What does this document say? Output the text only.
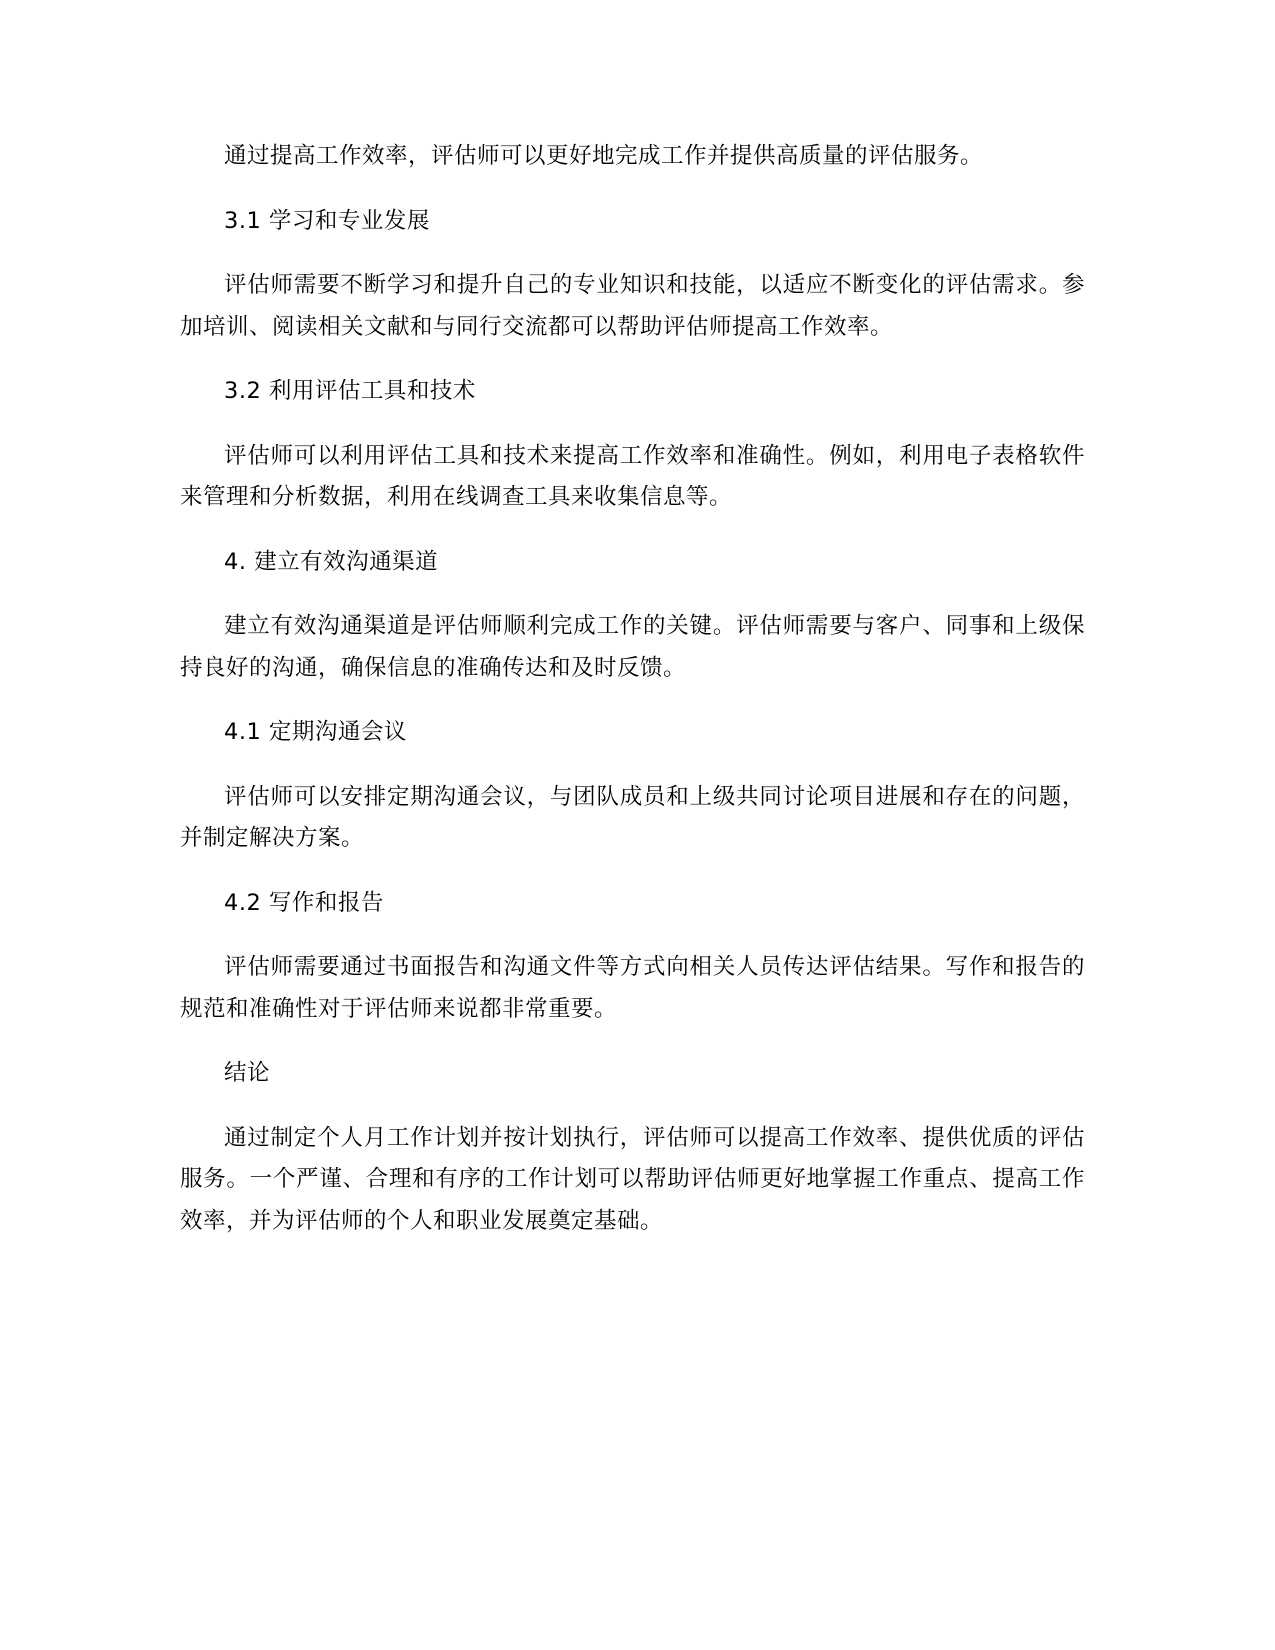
通过提高工作效率，评估师可以更好地完成工作并提供高质量的评估服务。

3.1 学习和专业发展

评估师需要不断学习和提升自己的专业知识和技能，以适应不断变化的评估需求。参加培训、阅读相关文献和与同行交流都可以帮助评估师提高工作效率。

3.2 利用评估工具和技术

评估师可以利用评估工具和技术来提高工作效率和准确性。例如，利用电子表格软件来管理和分析数据，利用在线调查工具来收集信息等。

4. 建立有效沟通渠道

建立有效沟通渠道是评估师顺利完成工作的关键。评估师需要与客户、同事和上级保持良好的沟通，确保信息的准确传达和及时反馈。

4.1 定期沟通会议

评估师可以安排定期沟通会议，与团队成员和上级共同讨论项目进展和存在的问题，并制定解决方案。

4.2 写作和报告

评估师需要通过书面报告和沟通文件等方式向相关人员传达评估结果。写作和报告的规范和准确性对于评估师来说都非常重要。

结论

通过制定个人月工作计划并按计划执行，评估师可以提高工作效率、提供优质的评估服务。一个严谨、合理和有序的工作计划可以帮助评估师更好地掌握工作重点、提高工作效率，并为评估师的个人和职业发展奠定基础。
